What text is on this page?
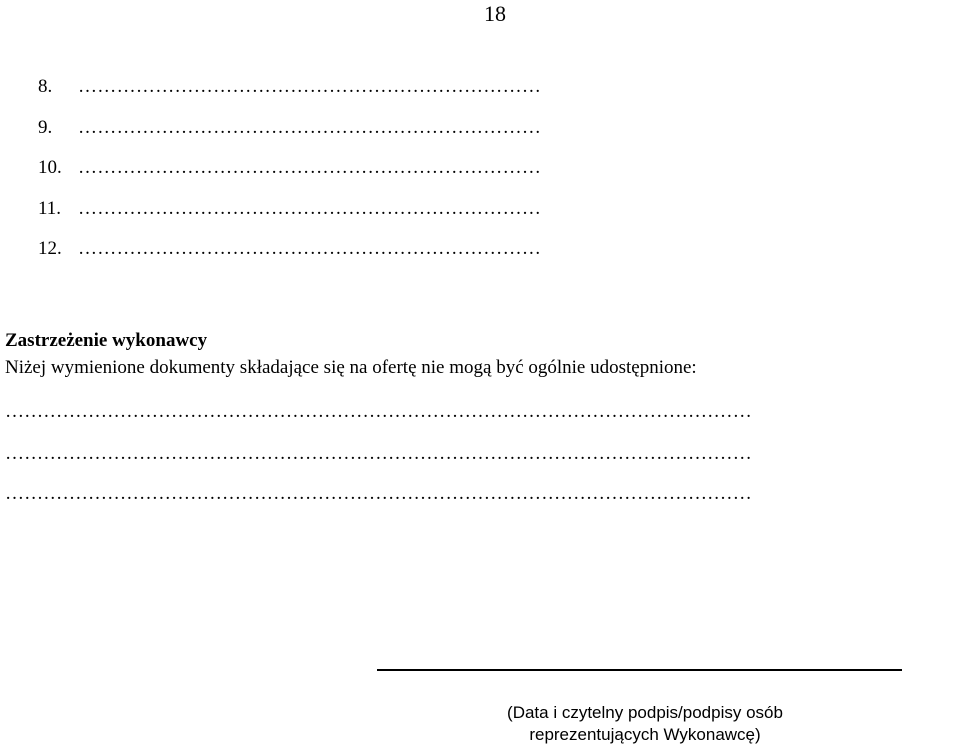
18
8. ………………………………………………………………
9. ………………………………………………………………
10. ………………………………………………………………
11. ………………………………………………………………
12. ………………………………………………………………
Zastrzeżenie wykonawcy
Niżej wymienione dokumenty składające się na ofertę nie mogą być ogólnie udostępnione:
………………………………………………………………………………………………………
………………………………………………………………………………………………………
………………………………………………………………………………………………………
(Data i czytelny podpis/podpisy osób
reprezentujących Wykonawcę)
